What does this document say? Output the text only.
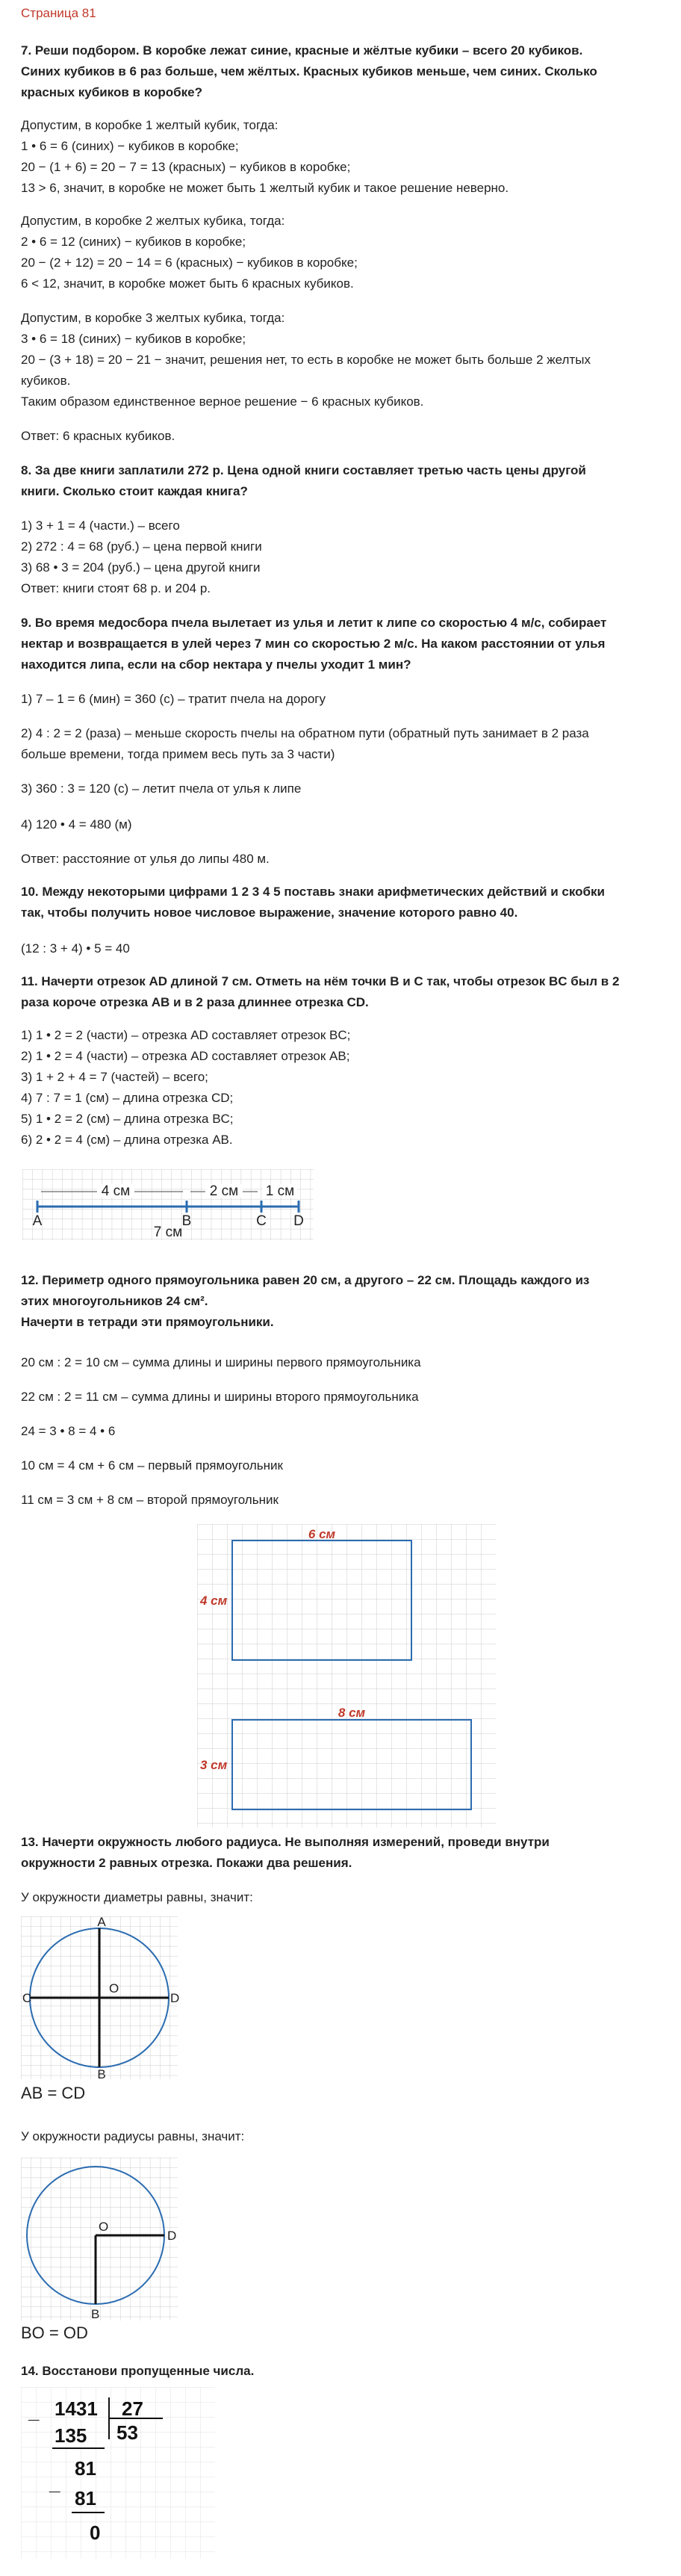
Страница 81
7. Реши подбором. В коробке лежат синие, красные и жёлтые кубики – всего 20 кубиков.
Синих кубиков в 6 раз больше, чем жёлтых. Красных кубиков меньше, чем синих. Сколько
красных кубиков в коробке?
Допустим, в коробке 1 желтый кубик, тогда:
1 • 6 = 6 (синих) − кубиков в коробке;
20 − (1 + 6) = 20 − 7 = 13 (красных) − кубиков в коробке;
13 > 6, значит, в коробке не может быть 1 желтый кубик и такое решение неверно.
Допустим, в коробке 2 желтых кубика, тогда:
2 • 6 = 12 (синих) − кубиков в коробке;
20 − (2 + 12) = 20 − 14 = 6 (красных) − кубиков в коробке;
6 < 12, значит, в коробке может быть 6 красных кубиков.
Допустим, в коробке 3 желтых кубика, тогда:
3 • 6 = 18 (синих) − кубиков в коробке;
20 − (3 + 18) = 20 − 21 − значит, решения нет, то есть в коробке не может быть больше 2 желтых
кубиков.
Таким образом единственное верное решение − 6 красных кубиков.
Ответ: 6 красных кубиков.
8. За две книги заплатили 272 р. Цена одной книги составляет третью часть цены другой
книги. Сколько стоит каждая книга?
1) 3 + 1 = 4 (части.) – всего
2) 272 : 4 = 68 (руб.) – цена первой книги
3) 68 • 3 = 204 (руб.) – цена другой книги
Ответ: книги стоят 68 р. и 204 р.
9. Во время медосбора пчела вылетает из улья и летит к липе со скоростью 4 м/с, собирает
нектар и возвращается в улей через 7 мин со скоростью 2 м/с. На каком расстоянии от улья
находится липа, если на сбор нектара у пчелы уходит 1 мин?
1) 7 – 1 = 6 (мин) = 360 (с) – тратит пчела на дорогу
2) 4 : 2 = 2 (раза) – меньше скорость пчелы на обратном пути (обратный путь занимает в 2 раза
больше времени, тогда примем весь путь за 3 части)
3) 360 : 3 = 120 (с) – летит пчела от улья к липе
4) 120 • 4 = 480 (м)
Ответ: расстояние от улья до липы 480 м.
10. Между некоторыми цифрами 1 2 3 4 5 поставь знаки арифметических действий и скобки
так, чтобы получить новое числовое выражение, значение которого равно 40.
(12 : 3 + 4) • 5 = 40
11. Начерти отрезок AD длиной 7 см. Отметь на нём точки B и C так, чтобы отрезок BC был в 2
раза короче отрезка AB и в 2 раза длиннее отрезка CD.
1) 1 • 2 = 2 (части) – отрезка AD составляет отрезок BC;
2) 1 • 2 = 4 (части) – отрезка AD составляет отрезок AB;
3) 1 + 2 + 4 = 7 (частей) – всего;
4) 7 : 7 = 1 (см) – длина отрезка CD;
5) 1 • 2 = 2 (см) – длина отрезка BC;
6) 2 • 2 = 4 (см) – длина отрезка AB.
4 см	2 см 1 см
A	B	C D
7 см
12. Периметр одного прямоугольника равен 20 см, а другого – 22 см. Площадь каждого из
этих многоугольников 24 см².
Начерти в тетради эти прямоугольники.
20 см : 2 = 10 см – сумма длины и ширины первого прямоугольника
22 см : 2 = 11 см – сумма длины и ширины второго прямоугольника
24 = 3 • 8 = 4 • 6
10 см = 4 см + 6 см – первый прямоугольник
11 см = 3 см + 8 см – второй прямоугольник
6 см
4 см
8 см
3 см
13. Начерти окружность любого радиуса. Не выполняя измерений, проведи внутри
окружности 2 равных отрезка. Покажи два решения.
У окружности диаметры равны, значит:
A
B
C	D
O
AB = CD
У окружности радиусы равны, значит:
O
D
B
BO = OD
14. Восстанови пропущенные числа.
_ 1431 27
53
135
81
_
81
0
